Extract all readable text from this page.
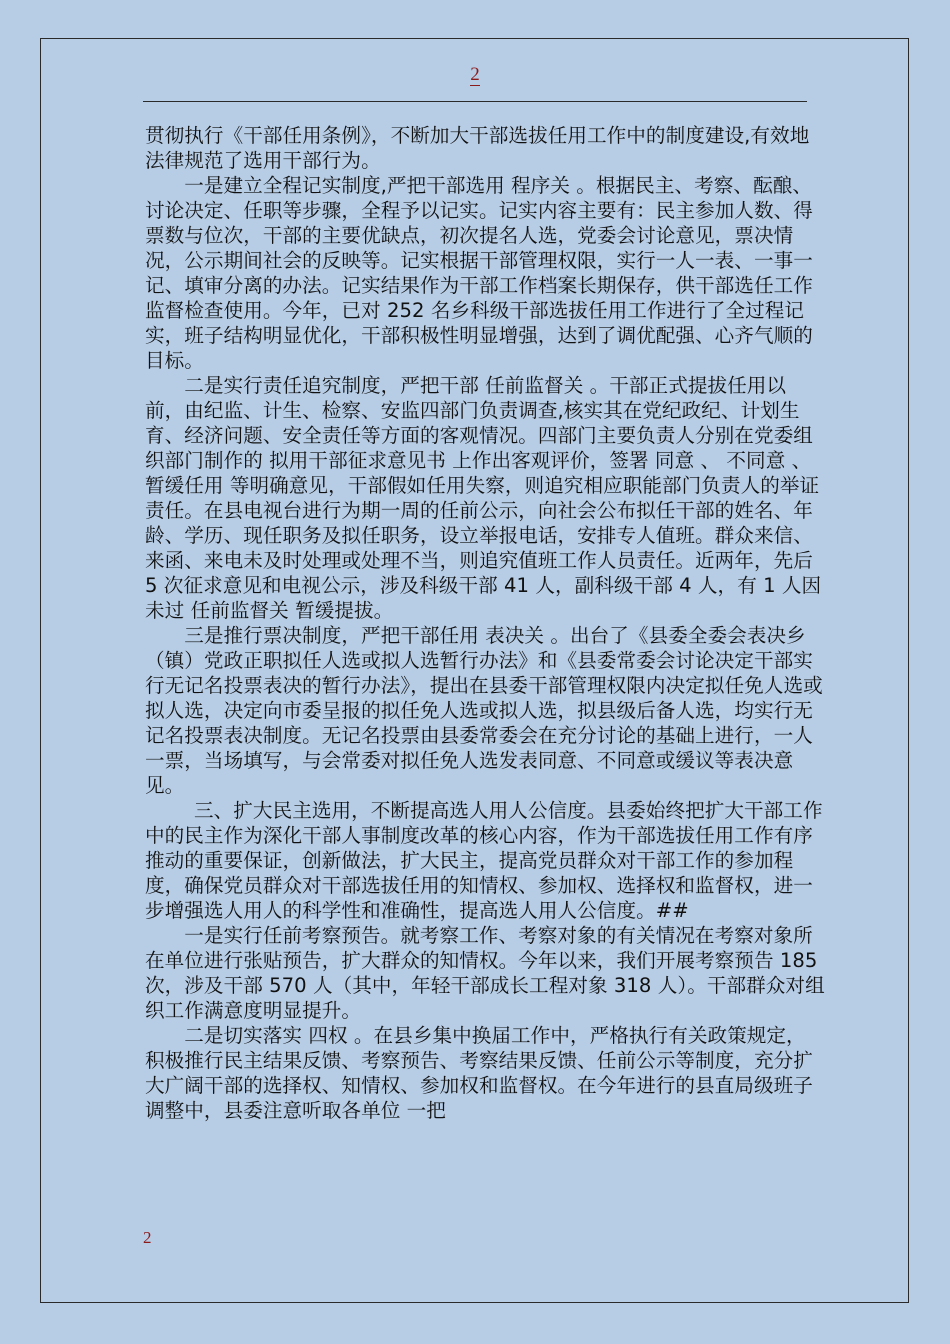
2

贯彻执行《干部任用条例》，不断加大干部选拔任用工作中的制度建设,有效地法律规范了选用干部行为。

一是建立全程记实制度,严把干部选用 程序关 。根据民主、考察、酝酿、讨论决定、任职等步骤，全程予以记实。记实内容主要有：民主参加人数、得票数与位次，干部的主要优缺点，初次提名人选，党委会讨论意见，票决情况，公示期间社会的反映等。记实根据干部管理权限，实行一人一表、一事一记、填审分离的办法。记实结果作为干部工作档案长期保存，供干部选任工作监督检查使用。今年，已对 252 名乡科级干部选拔任用工作进行了全过程记实，班子结构明显优化，干部积极性明显增强，达到了调优配强、心齐气顺的目标。

二是实行责任追究制度，严把干部 任前监督关 。干部正式提拔任用以前，由纪监、计生、检察、安监四部门负责调查,核实其在党纪政纪、计划生育、经济问题、安全责任等方面的客观情况。四部门主要负责人分别在党委组织部门制作的 拟用干部征求意见书 上作出客观评价，签署 同意 、 不同意 、 暂缓任用 等明确意见，干部假如任用失察，则追究相应职能部门负责人的举证责任。在县电视台进行为期一周的任前公示，向社会公布拟任干部的姓名、年龄、学历、现任职务及拟任职务，设立举报电话，安排专人值班。群众来信、来函、来电未及时处理或处理不当，则追究值班工作人员责任。近两年，先后 5 次征求意见和电视公示，涉及科级干部 41 人，副科级干部 4 人，有 1 人因未过 任前监督关 暂缓提拔。

三是推行票决制度，严把干部任用 表决关 。出台了《县委全委会表决乡（镇）党政正职拟任人选或拟人选暂行办法》和《县委常委会讨论决定干部实行无记名投票表决的暂行办法》，提出在县委干部管理权限内决定拟任免人选或拟人选，决定向市委呈报的拟任免人选或拟人选，拟县级后备人选，均实行无记名投票表决制度。无记名投票由县委常委会在充分讨论的基础上进行，一人一票，当场填写，与会常委对拟任免人选发表同意、不同意或缓议等表决意见。

三、扩大民主选用，不断提高选人用人公信度。县委始终把扩大干部工作中的民主作为深化干部人事制度改革的核心内容，作为干部选拔任用工作有序推动的重要保证，创新做法，扩大民主，提高党员群众对干部工作的参加程度，确保党员群众对干部选拔任用的知情权、参加权、选择权和监督权，进一步增强选人用人的科学性和准确性，提高选人用人公信度。##

一是实行任前考察预告。就考察工作、考察对象的有关情况在考察对象所在单位进行张贴预告，扩大群众的知情权。今年以来，我们开展考察预告 185 次，涉及干部 570 人（其中，年轻干部成长工程对象 318 人）。干部群众对组织工作满意度明显提升。

二是切实落实 四权 。在县乡集中换届工作中，严格执行有关政策规定，积极推行民主结果反馈、考察预告、考察结果反馈、任前公示等制度，充分扩大广阔干部的选择权、知情权、参加权和监督权。在今年进行的县直局级班子调整中，县委注意听取各单位 一把

2
